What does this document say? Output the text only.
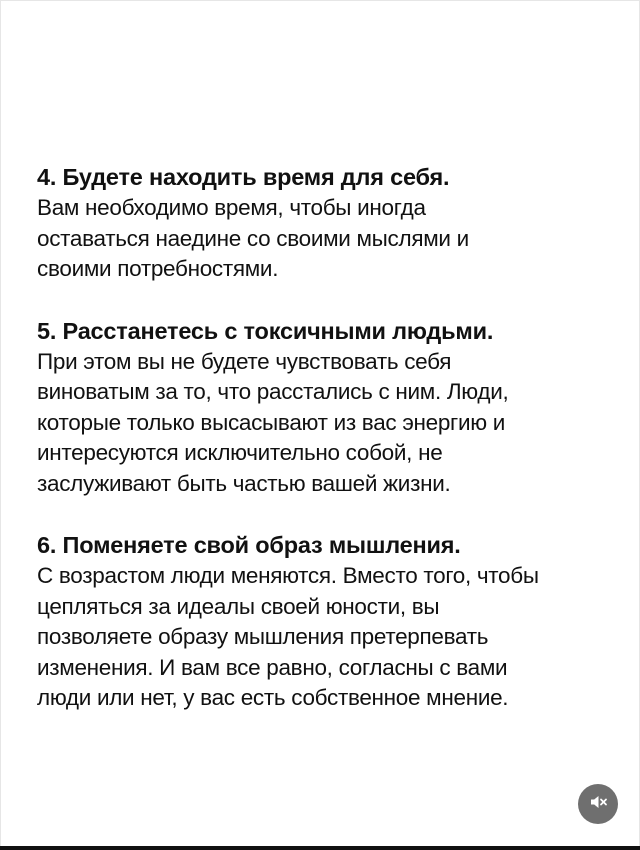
4. Будете находить время для себя.

Вам необходимо время, чтобы иногда
оставаться наедине со своими мыслями и
своими потребностями.

5. Расстанетесь с токсичными людьми.

При этом вы не будете чувствовать себя
виноватым за то, что расстались с ним. Люди,
которые только высасывают из вас энергию и
интересуются исключительно собой, не
заслуживают быть частью вашей жизни.

6. Поменяете свой образ мышления.

С возрастом люди меняются. Вместо того, чтобы
цепляться за идеалы своей юности, вы
позволяете образу мышления претерпевать
изменения. И вам все равно, согласны с вами
люди или нет, у вас есть собственное мнение.
